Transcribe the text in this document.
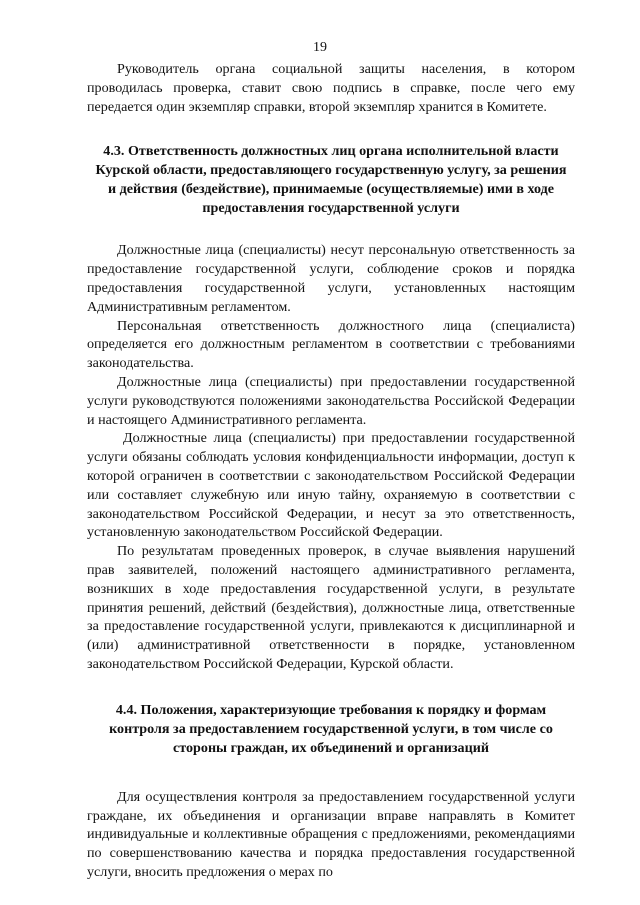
19

Руководитель органа социальной защиты населения, в котором проводилась проверка, ставит свою подпись в справке, после чего ему передается один экземпляр справки, второй экземпляр хранится в Комитете.

4.3. Ответственность должностных лиц органа исполнительной власти Курской области, предоставляющего государственную услугу, за решения и действия (бездействие), принимаемые (осуществляемые) ими в ходе предоставления государственной услуги

Должностные лица (специалисты) несут персональную ответственность за предоставление государственной услуги, соблюдение сроков и порядка предоставления государственной услуги, установленных настоящим Административным регламентом.

Персональная ответственность должностного лица (специалиста) определяется его должностным регламентом в соответствии с требованиями законодательства.

Должностные лица (специалисты) при предоставлении государственной услуги руководствуются положениями законодательства Российской Федерации и настоящего Административного регламента.

Должностные лица (специалисты) при предоставлении государственной услуги обязаны соблюдать условия конфиденциальности информации, доступ к которой ограничен в соответствии с законодательством Российской Федерации или составляет служебную или иную тайну, охраняемую в соответствии с законодательством Российской Федерации, и несут за это ответственность, установленную законодательством Российской Федерации.

По результатам проведенных проверок, в случае выявления нарушений прав заявителей, положений настоящего административного регламента, возникших в ходе предоставления государственной услуги, в результате принятия решений, действий (бездействия), должностные лица, ответственные за предоставление государственной услуги, привлекаются к дисциплинарной и (или) административной ответственности в порядке, установленном законодательством Российской Федерации, Курской области.

4.4. Положения, характеризующие требования к порядку и формам контроля за предоставлением государственной услуги, в том числе со стороны граждан, их объединений и организаций

Для осуществления контроля за предоставлением государственной услуги граждане, их объединения и организации вправе направлять в Комитет индивидуальные и коллективные обращения с предложениями, рекомендациями по совершенствованию качества и порядка предоставления государственной услуги, вносить предложения о мерах по
